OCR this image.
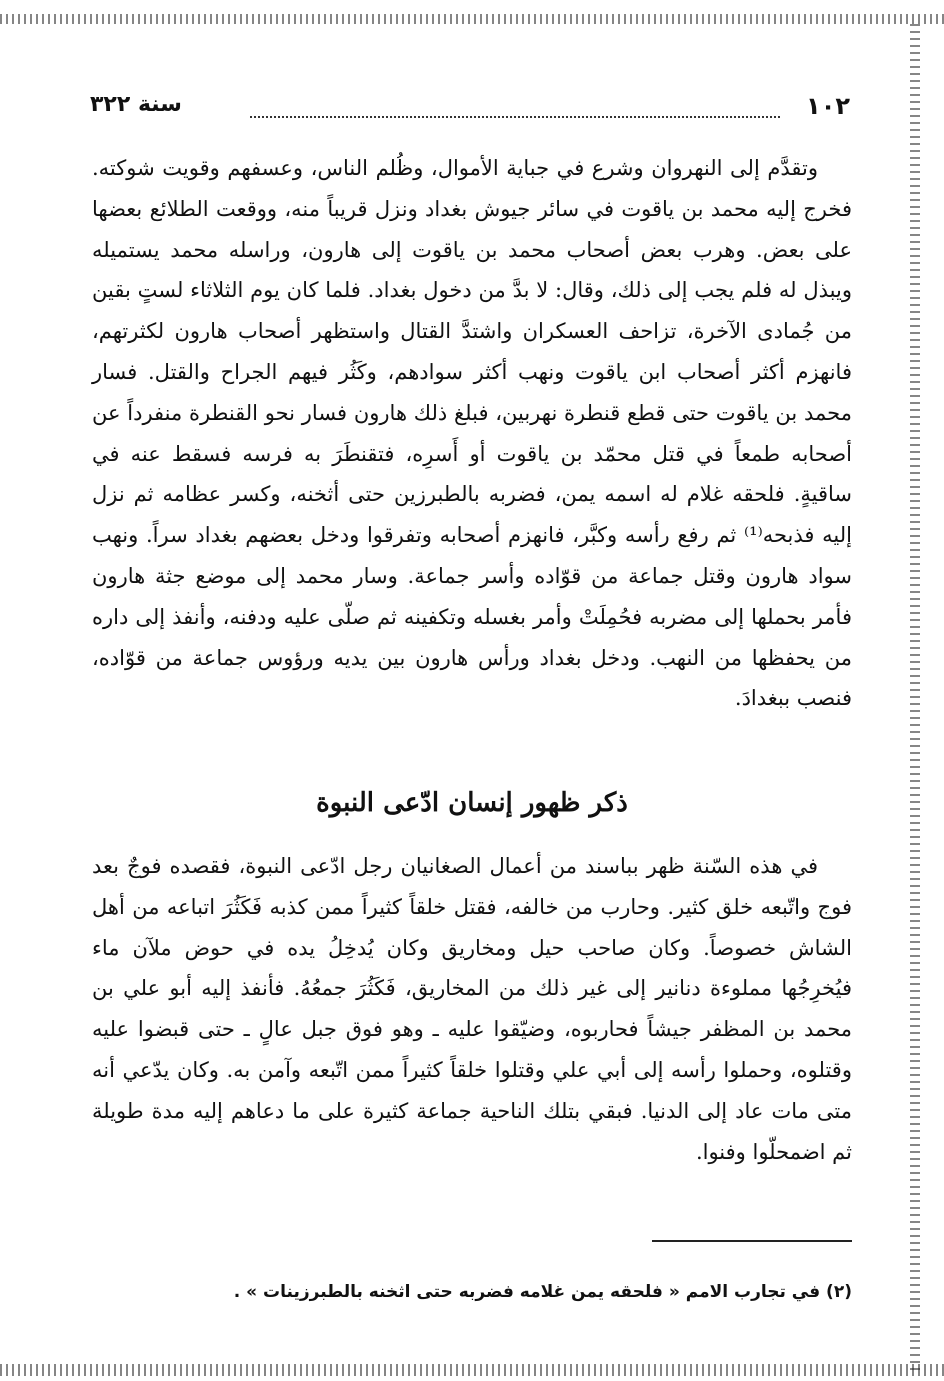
١٠٢
سنة ٣٢٢

وتقدَّم إلى النهروان وشرع في جباية الأموال، وظُلم الناس، وعسفهم وقويت شوكته. فخرج إليه محمد بن ياقوت في سائر جيوش بغداد ونزل قريباً منه، ووقعت الطلائع بعضها على بعض. وهرب بعض أصحاب محمد بن ياقوت إلى هارون، وراسله محمد يستميله ويبذل له فلم يجب إلى ذلك، وقال: لا بدَّ من دخول بغداد. فلما كان يوم الثلاثاء لستٍ بقين من جُمادى الآخرة، تزاحف العسكران واشتدَّ القتال واستظهر أصحاب هارون لكثرتهم، فانهزم أكثر أصحاب ابن ياقوت ونهب أكثر سوادهم، وكَثُر فيهم الجراح والقتل. فسار محمد بن ياقوت حتى قطع قنطرة نهربين، فبلغ ذلك هارون فسار نحو القنطرة منفرداً عن أصحابه طمعاً في قتل محمّد بن ياقوت أو أَسرِه، فتقنطَرَ به فرسه فسقط عنه في ساقيةٍ. فلحقه غلام له اسمه يمن، فضربه بالطبرزين حتى أثخنه، وكسر عظامه ثم نزل إليه فذبحه⁽¹⁾ ثم رفع رأسه وكبَّر، فانهزم أصحابه وتفرقوا ودخل بعضهم بغداد سراً. ونهب سواد هارون وقتل جماعة من قوّاده وأسر جماعة. وسار محمد إلى موضع جثة هارون فأمر بحملها إلى مضربه فحُمِلَتْ وأمر بغسله وتكفينه ثم صلّى عليه ودفنه، وأنفذ إلى داره من يحفظها من النهب. ودخل بغداد ورأس هارون بين يديه ورؤوس جماعة من قوّاده، فنصب ببغدادَ.

ذكر ظهور إنسان ادّعى النبوة

في هذه السّنة ظهر بباسند من أعمال الصغانيان رجل ادّعى النبوة، فقصده فوجٌ بعد فوج واتّبعه خلق كثير. وحارب من خالفه، فقتل خلقاً كثيراً ممن كذبه فَكَثُرَ اتباعه من أهل الشاش خصوصاً. وكان صاحب حيل ومخاريق وكان يُدخِلُ يده في حوض ملآن ماء فيُخرِجُها مملوءة دنانير إلى غير ذلك من المخاريق، فَكَثُرَ جمعُهُ. فأنفذ إليه أبو علي بن محمد بن المظفر جيشاً فحاربوه، وضيّقوا عليه ـ وهو فوق جبل عالٍ ـ حتى قبضوا عليه وقتلوه، وحملوا رأسه إلى أبي علي وقتلوا خلقاً كثيراً ممن اتّبعه وآمن به. وكان يدّعي أنه متى مات عاد إلى الدنيا. فبقي بتلك الناحية جماعة كثيرة على ما دعاهم إليه مدة طويلة ثم اضمحلّوا وفنوا.

(٢) في تجارب الامم « فلحقه يمن غلامه فضربه حتى اثخنه بالطبرزينات » .
